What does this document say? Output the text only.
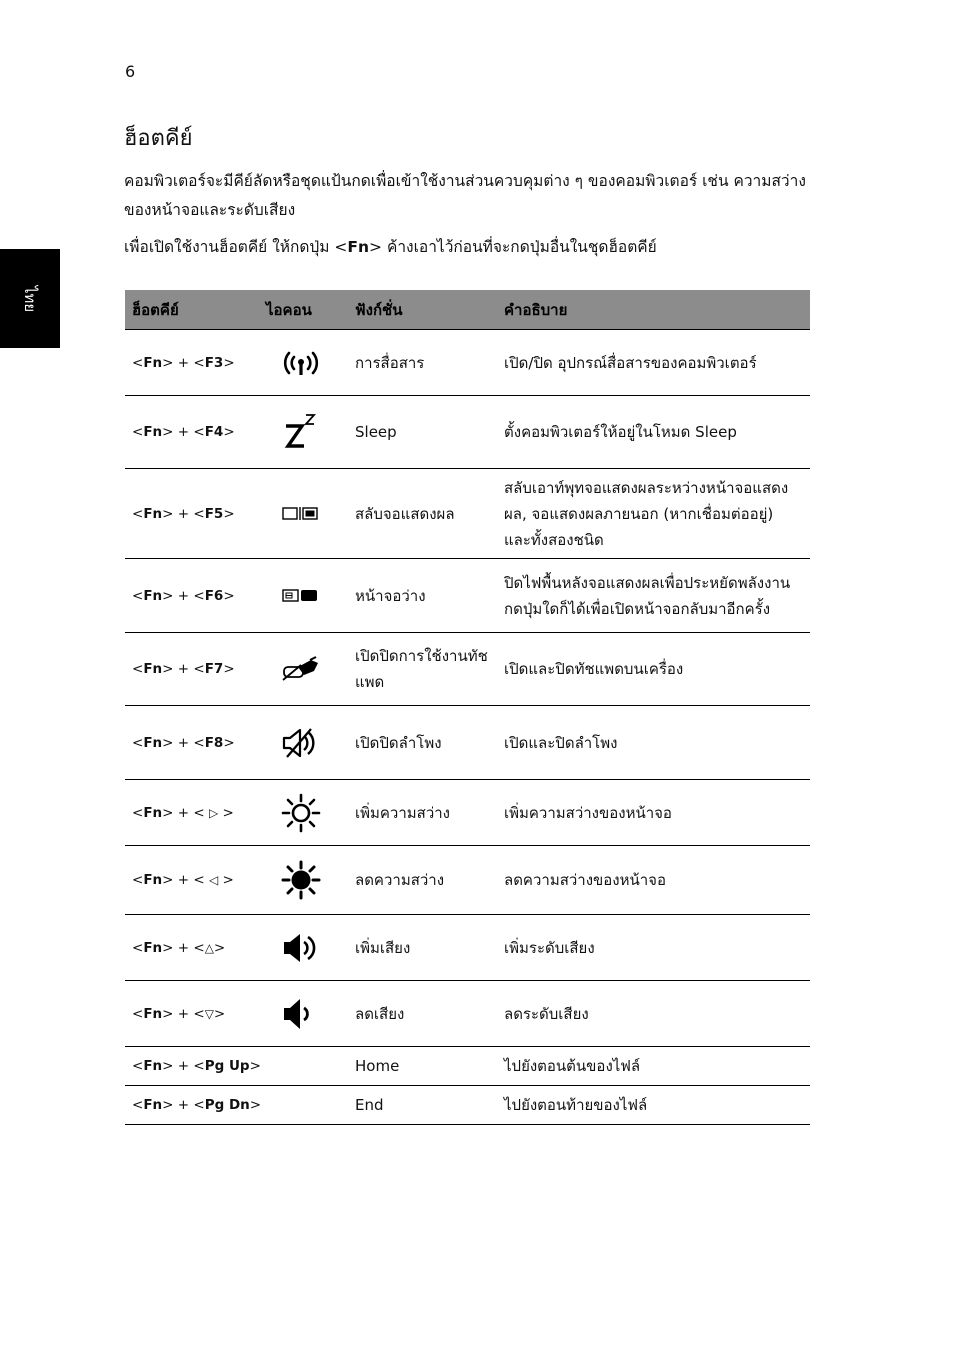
6
ไทย
ฮ็อตคีย์

คอมพิวเตอร์จะมีคีย์ลัดหรือชุดแป้นกดเพื่อเข้าใช้งานส่วนควบคุมต่าง ๆ ของคอมพิวเตอร์ เช่น ความสว่างของหน้าจอและระดับเสียง

เพื่อเปิดใช้งานฮ็อตคีย์ ให้กดปุ่ม <Fn> ค้างเอาไว้ก่อนที่จะกดปุ่มอื่นในชุดฮ็อตคีย์

ฮ็อตคีย์	ไอคอน	ฟังก์ชั่น	คำอธิบาย
<Fn> + <F3>		การสื่อสาร	เปิด/ปิด อุปกรณ์สื่อสารของคอมพิวเตอร์
<Fn> + <F4>		Sleep	ตั้งคอมพิวเตอร์ให้อยู่ในโหมด Sleep
<Fn> + <F5>		สลับจอแสดงผล	สลับเอาท์พุทจอแสดงผลระหว่างหน้าจอแสดงผล, จอแสดงผลภายนอก (หากเชื่อมต่ออยู่) และทั้งสองชนิด
<Fn> + <F6>		หน้าจอว่าง	ปิดไฟพื้นหลังจอแสดงผลเพื่อประหยัดพลังงาน กดปุ่มใดก็ได้เพื่อเปิดหน้าจอกลับมาอีกครั้ง
<Fn> + <F7>		เปิดปิดการใช้งานทัชแพด	เปิดและปิดทัชแพดบนเครื่อง
<Fn> + <F8>		เปิดปิดลำโพง	เปิดและปิดลำโพง
<Fn> + < ▷ >		เพิ่มความสว่าง	เพิ่มความสว่างของหน้าจอ
<Fn> + < ◁ >		ลดความสว่าง	ลดความสว่างของหน้าจอ
<Fn> + <△>		เพิ่มเสียง	เพิ่มระดับเสียง
<Fn> + <▽>		ลดเสียง	ลดระดับเสียง
<Fn> + <Pg Up>		Home	ไปยังตอนต้นของไฟล์
<Fn> + <Pg Dn>		End	ไปยังตอนท้ายของไฟล์
